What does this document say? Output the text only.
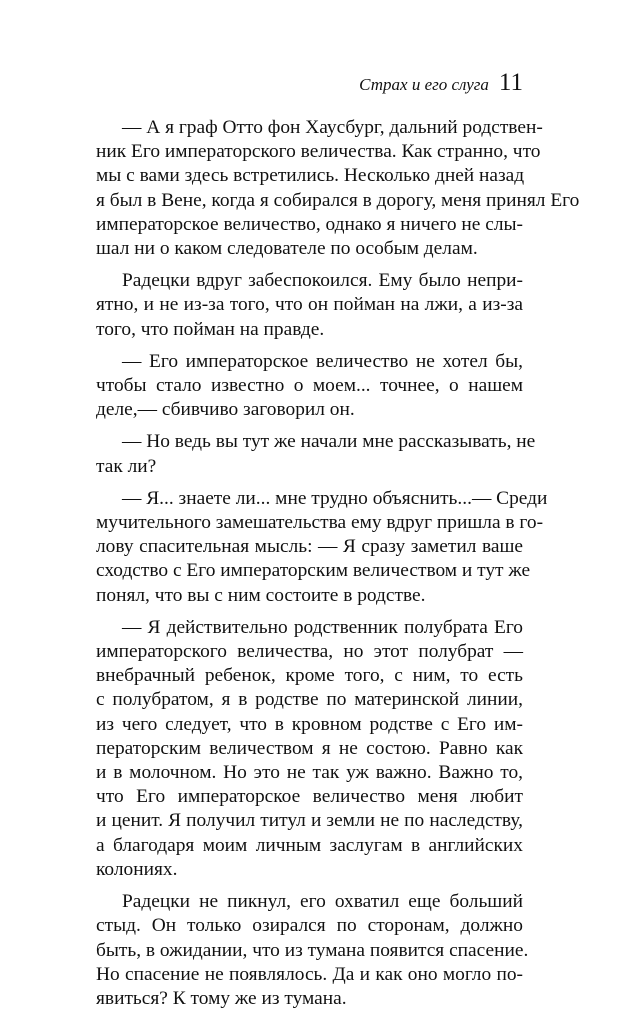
Страх и его слуга 11
— А я граф Отто фон Хаусбург, дальний родствен-
ник Его императорского величества. Как странно, что
мы с вами здесь встретились. Несколько дней назад
я был в Вене, когда я собирался в дорогу, меня принял Его
императорское величество, однако я ничего не слы-
шал ни о каком следователе по особым делам.
Радецки вдруг забеспокоился. Ему было непри-
ятно, и не из-за того, что он пойман на лжи, а из-за
того, что пойман на правде.
— Его императорское величество не хотел бы,
чтобы стало известно о моем... точнее, о нашем
деле,— сбивчиво заговорил он.
— Но ведь вы тут же начали мне рассказывать, не
так ли?
— Я... знаете ли... мне трудно объяснить...— Среди
мучительного замешательства ему вдруг пришла в го-
лову спасительная мысль: — Я сразу заметил ваше
сходство с Его императорским величеством и тут же
понял, что вы с ним состоите в родстве.
— Я действительно родственник полубрата Его
императорского величества, но этот полубрат —
внебрачный ребенок, кроме того, с ним, то есть
с полубратом, я в родстве по материнской линии,
из чего следует, что в кровном родстве с Его им-
ператорским величеством я не состою. Равно как
и в молочном. Но это не так уж важно. Важно то,
что Его императорское величество меня любит
и ценит. Я получил титул и земли не по наследству,
а благодаря моим личным заслугам в английских
колониях.
Радецки не пикнул, его охватил еще больший
стыд. Он только озирался по сторонам, должно
быть, в ожидании, что из тумана появится спасение.
Но спасение не появлялось. Да и как оно могло по-
явиться? К тому же из тумана.
